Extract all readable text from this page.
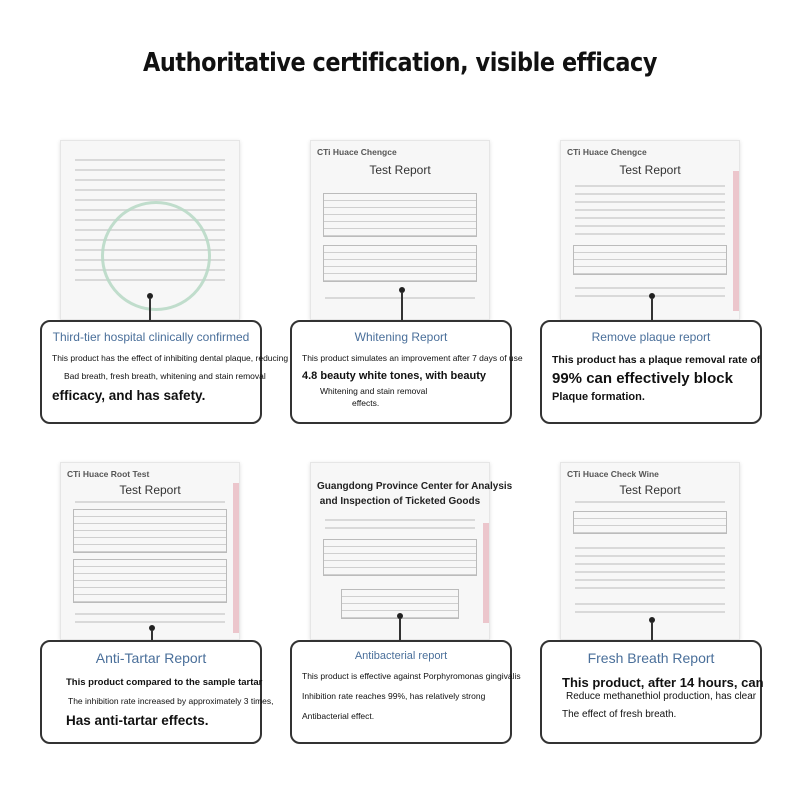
Authoritative certification, visible efficacy
CTi Huace Chengce
Test Report
CTi Huace Chengce
Test Report
Third-tier hospital clinically confirmed
This product has the effect of inhibiting dental plaque, reducing
Bad breath, fresh breath, whitening and stain removal
efficacy, and has safety.
Whitening Report
This product simulates an improvement after 7 days of use
4.8 beauty white tones, with beauty
Whitening and stain removal
effects.
Remove plaque report
This product has a plaque removal rate of
99% can effectively block
Plaque formation.
CTi Huace Root Test
Test Report	Guangdong Province Center for Analysis
and Inspection of Ticketed Goods
CTi Huace Check Wine
Test Report
Anti-Tartar Report
This product compared to the sample tartar
The inhibition rate increased by approximately 3 times,
Has anti-tartar effects.
Antibacterial report
This product is effective against Porphyromonas gingivalis
Inhibition rate reaches 99%, has relatively strong
Antibacterial effect.
Fresh Breath Report
This product, after 14 hours, can
Reduce methanethiol production, has clear
The effect of fresh breath.
